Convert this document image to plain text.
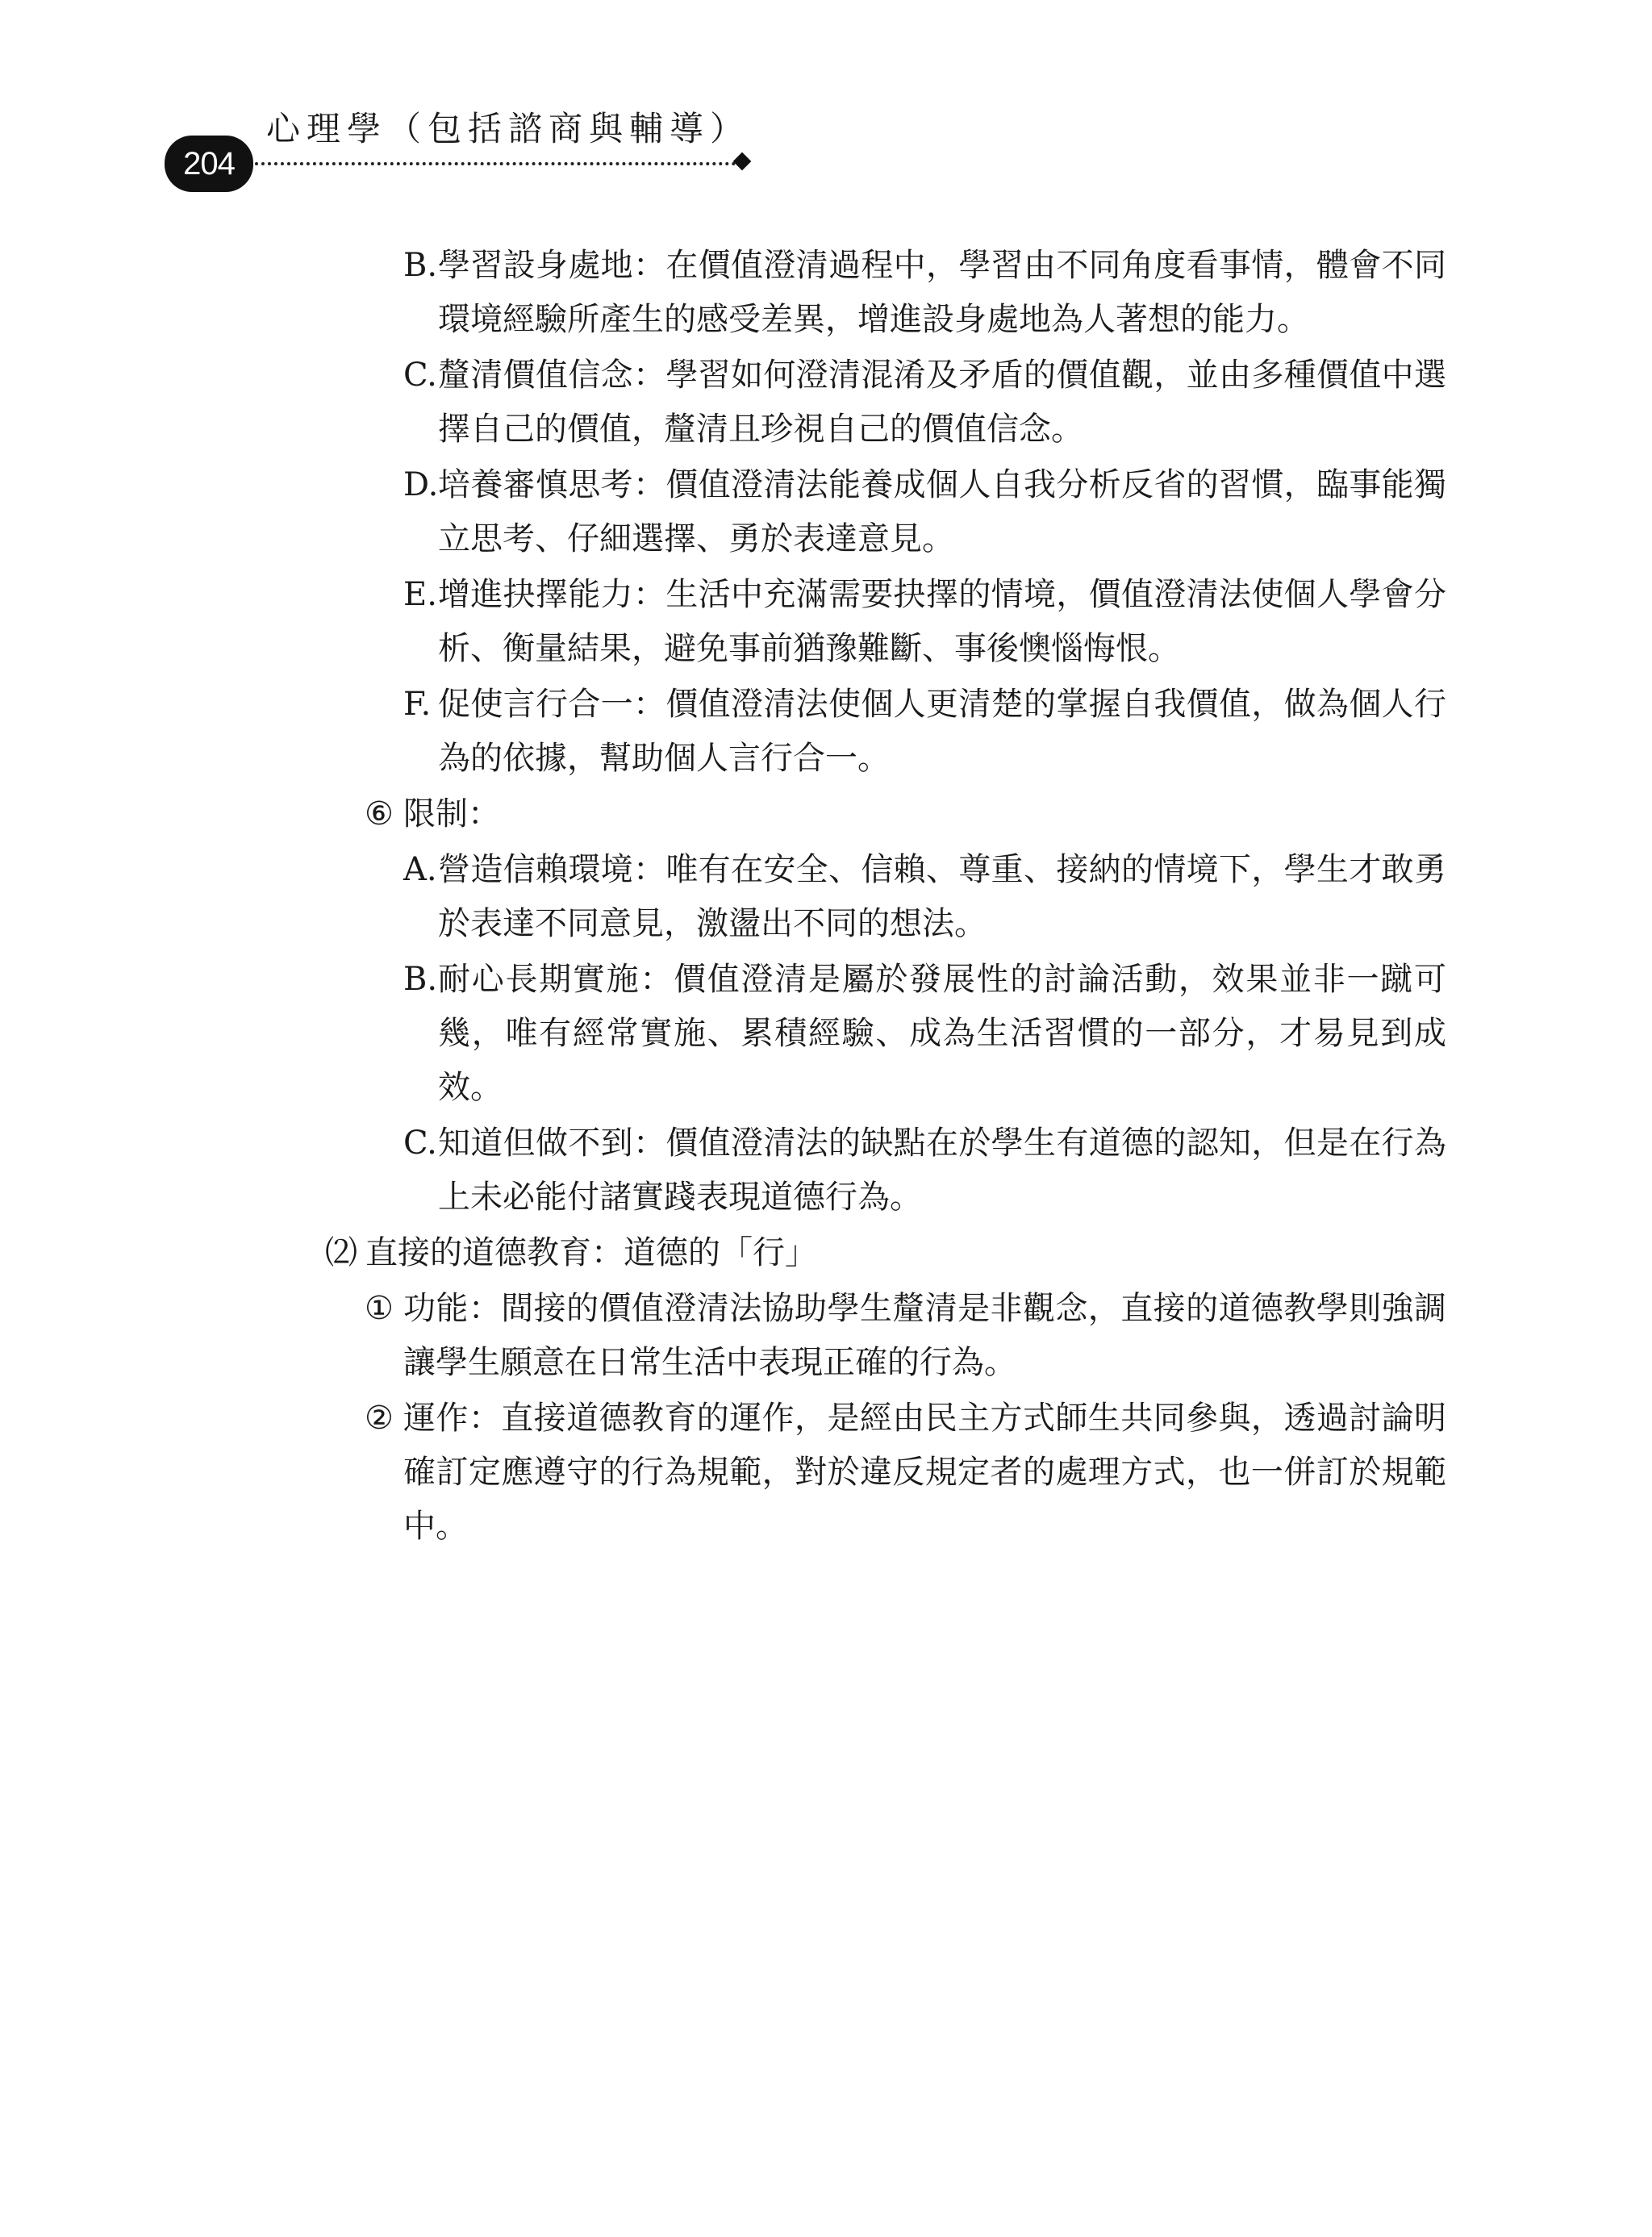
204
心理學（包括諮商與輔導）
B. 學習設身處地：在價值澄清過程中，學習由不同角度看事情，體會不同環境經驗所產生的感受差異，增進設身處地為人著想的能力。
C. 釐清價值信念：學習如何澄清混淆及矛盾的價值觀，並由多種價值中選擇自己的價值，釐清且珍視自己的價值信念。
D. 培養審慎思考：價值澄清法能養成個人自我分析反省的習慣，臨事能獨立思考、仔細選擇、勇於表達意見。
E. 增進抉擇能力：生活中充滿需要抉擇的情境，價值澄清法使個人學會分析、衡量結果，避免事前猶豫難斷、事後懊惱悔恨。
F. 促使言行合一：價值澄清法使個人更清楚的掌握自我價值，做為個人行為的依據，幫助個人言行合一。
⑥ 限制：
A. 營造信賴環境：唯有在安全、信賴、尊重、接納的情境下，學生才敢勇於表達不同意見，激盪出不同的想法。
B. 耐心長期實施：價值澄清是屬於發展性的討論活動，效果並非一蹴可幾，唯有經常實施、累積經驗、成為生活習慣的一部分，才易見到成效。
C. 知道但做不到：價值澄清法的缺點在於學生有道德的認知，但是在行為上未必能付諸實踐表現道德行為。
⑵ 直接的道德教育：道德的「行」
① 功能：間接的價值澄清法協助學生釐清是非觀念，直接的道德教學則強調讓學生願意在日常生活中表現正確的行為。
② 運作：直接道德教育的運作，是經由民主方式師生共同參與，透過討論明確訂定應遵守的行為規範，對於違反規定者的處理方式，也一併訂於規範中。
